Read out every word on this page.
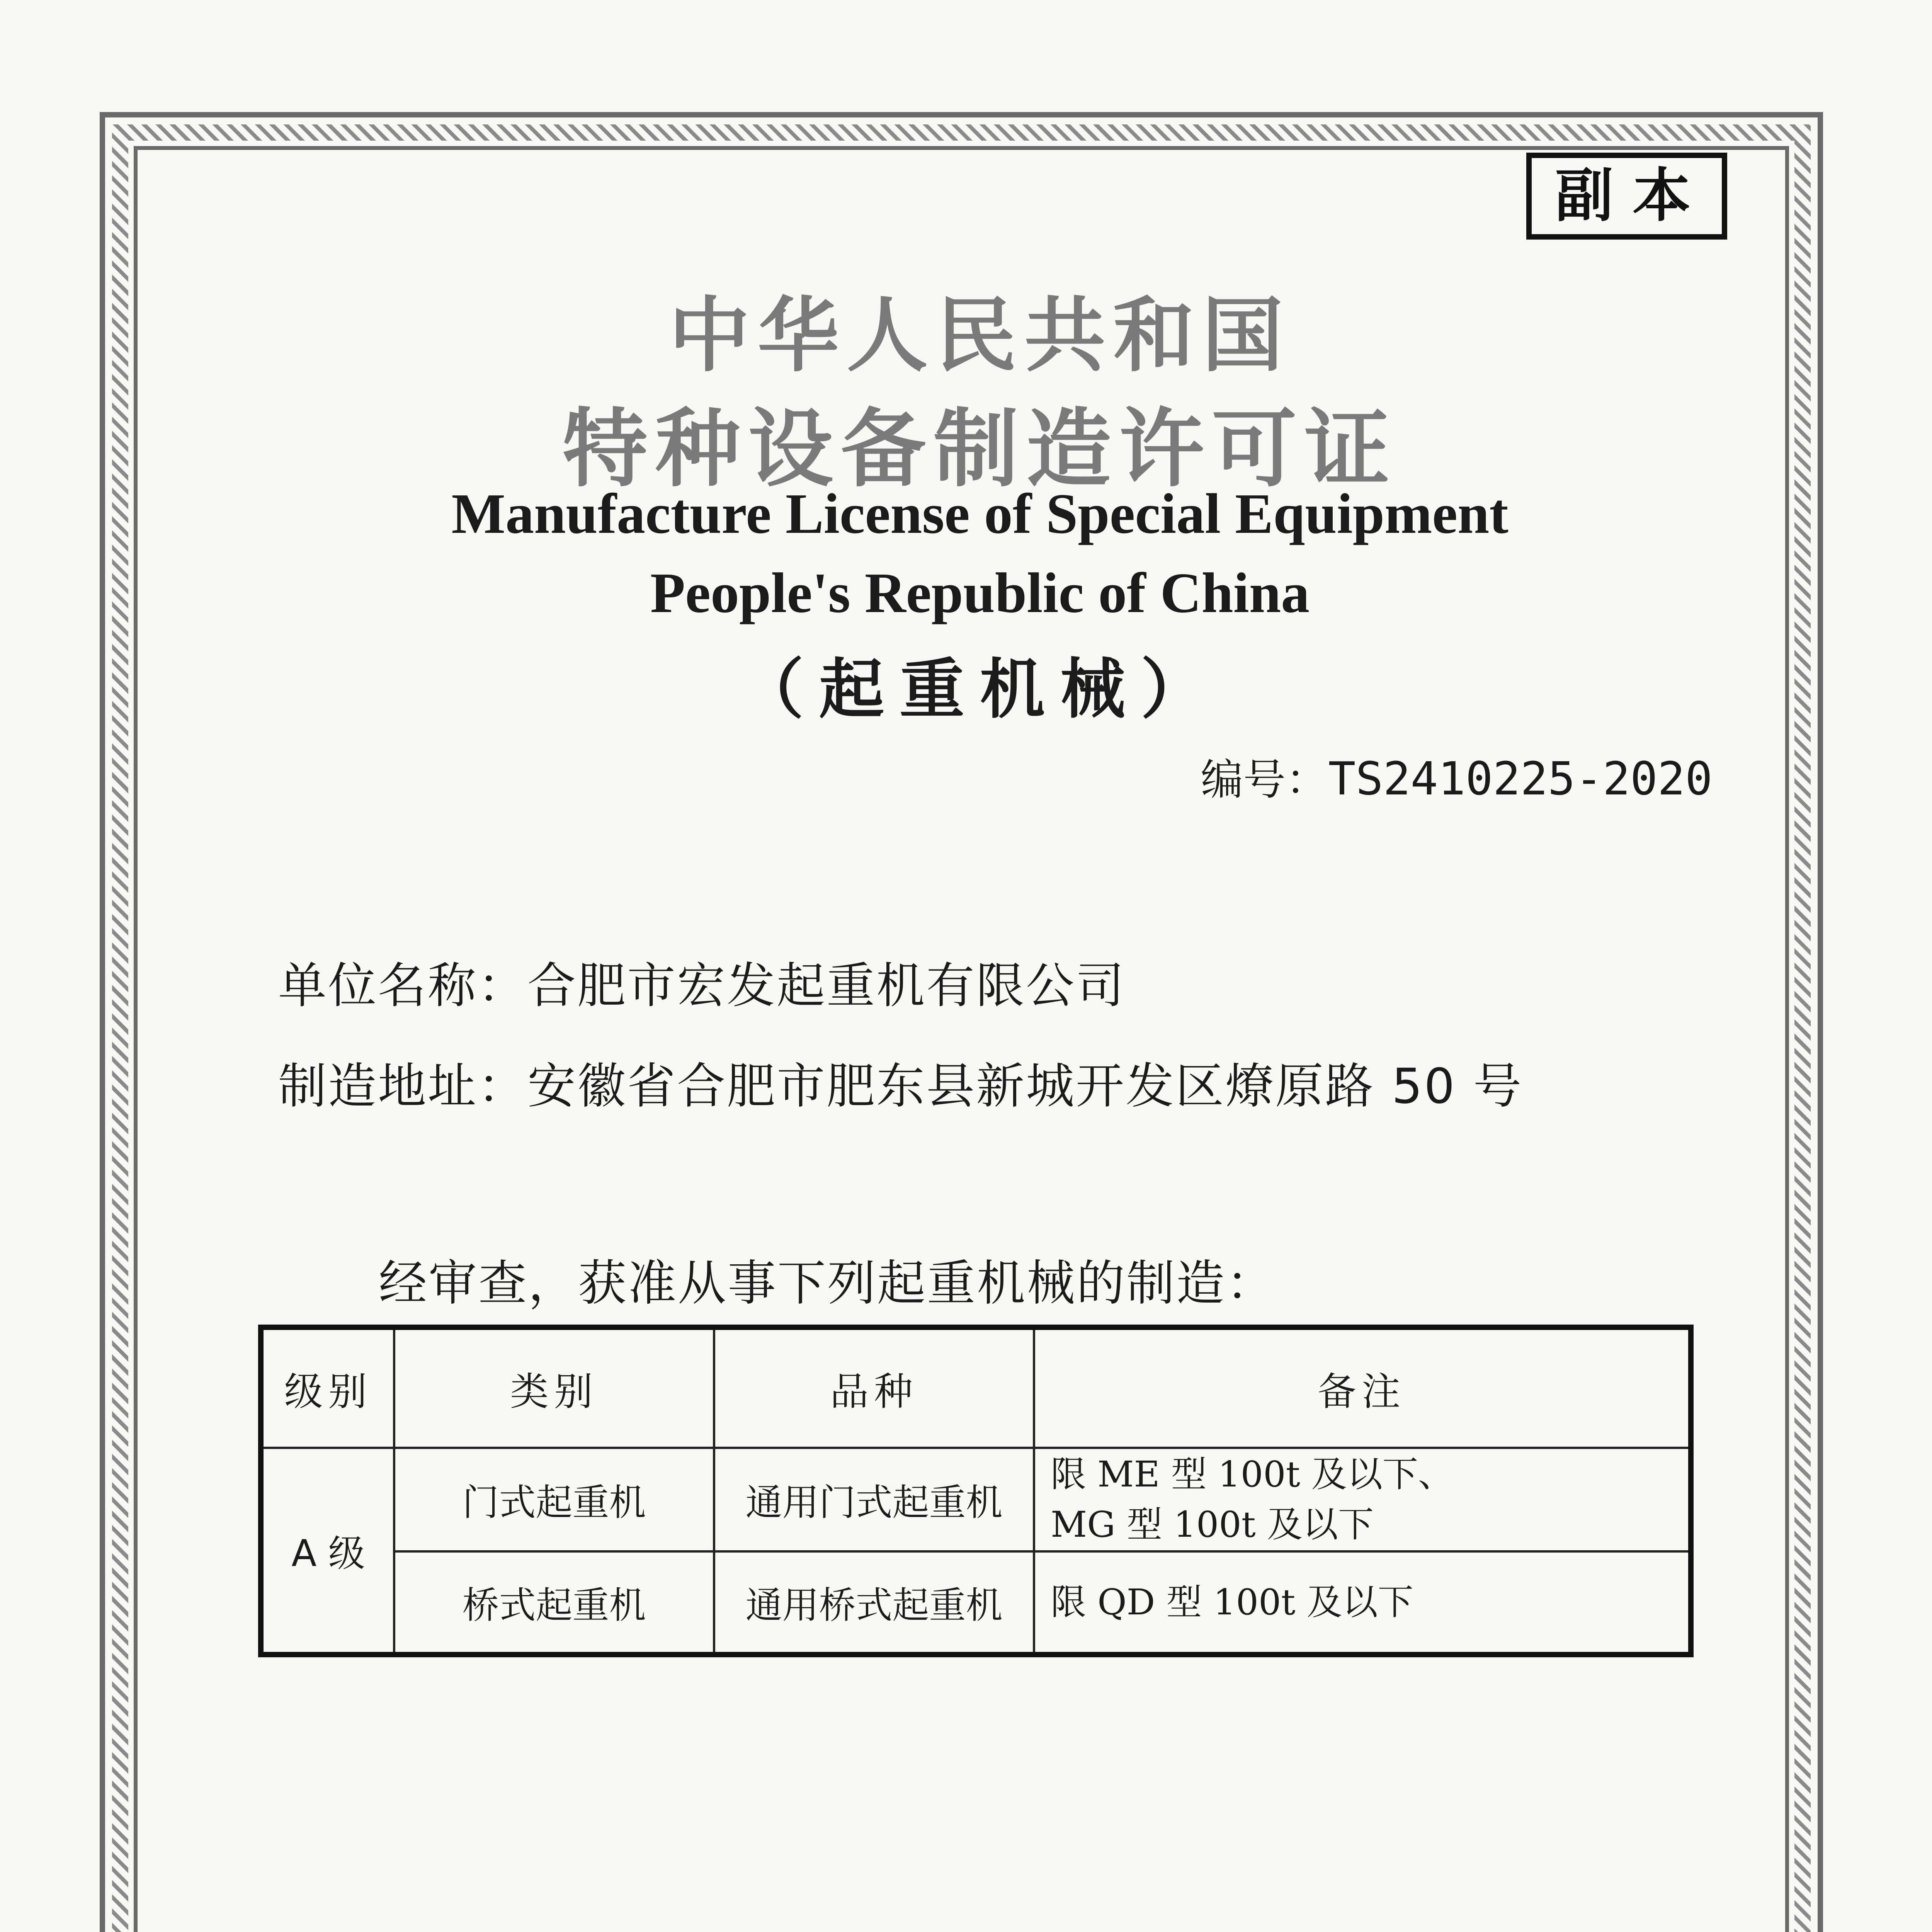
副本
中华人民共和国
特种设备制造许可证
Manufacture License of Special Equipment
People's Republic of China
（起重机械）
编号：TS2410225-2020
单位名称：合肥市宏发起重机有限公司
制造地址：安徽省合肥市肥东县新城开发区燎原路 50 号
经审查，获准从事下列起重机械的制造：
级别	类别	品种	备注
A 级	门式起重机	通用门式起重机	限 ME 型 100t 及以下、
MG 型 100t 及以下

	桥式起重机	通用桥式起重机	限 QD 型 100t 及以下
